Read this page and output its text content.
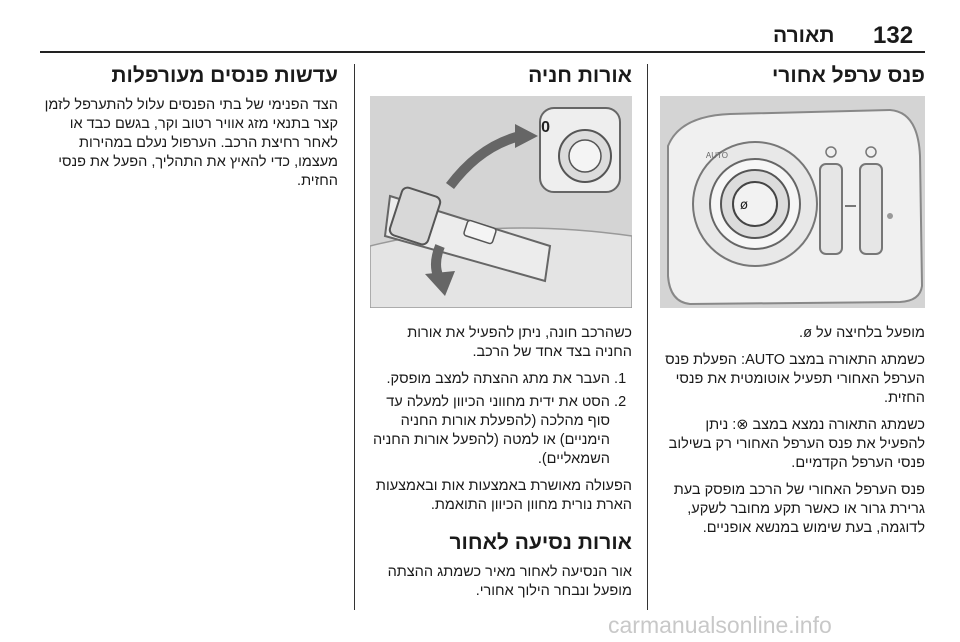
132
תאורה
פנס ערפל אחורי
ø
AUTO

מופעל בלחיצה על ø.

כשמתג התאורה במצב AUTO: הפעלת פנס הערפל האחורי תפעיל אוטומטית את פנסי החזית.

כשמתג התאורה נמצא במצב ⊗: ניתן להפעיל את פנס הערפל האחורי רק בשילוב פנסי הערפל הקדמיים.

פנס הערפל האחורי של הרכב מופסק בעת גרירת גרור או כאשר תקע מחובר לשקע, לדוגמה, בעת שימוש במנשא אופניים.

אורות חניה
0

כשהרכב חונה, ניתן להפעיל את אורות החניה בצד אחד של הרכב.

1. העבר את מתג ההצתה למצב מופסק.
2. הסט את ידית מחווני הכיוון למעלה עד סוף מהלכה (להפעלת אורות החניה הימניים) או למטה (להפעל אורות החניה השמאליים).

הפעולה מאושרת באמצעות אות ובאמצעות הארת נורית מחוון הכיוון התואמת.

אורות נסיעה לאחור

אור הנסיעה לאחור מאיר כשמתג ההצתה מופעל ונבחר הילוך אחורי.

עדשות פנסים מעורפלות

הצד הפנימי של בתי הפנסים עלול להתערפל לזמן קצר בתנאי מזג אוויר רטוב וקר, בגשם כבד או לאחר רחיצת הרכב. הערפול נעלם במהירות מעצמו, כדי להאיץ את התהליך, הפעל את פנסי החזית.

carmanualsonline.info
